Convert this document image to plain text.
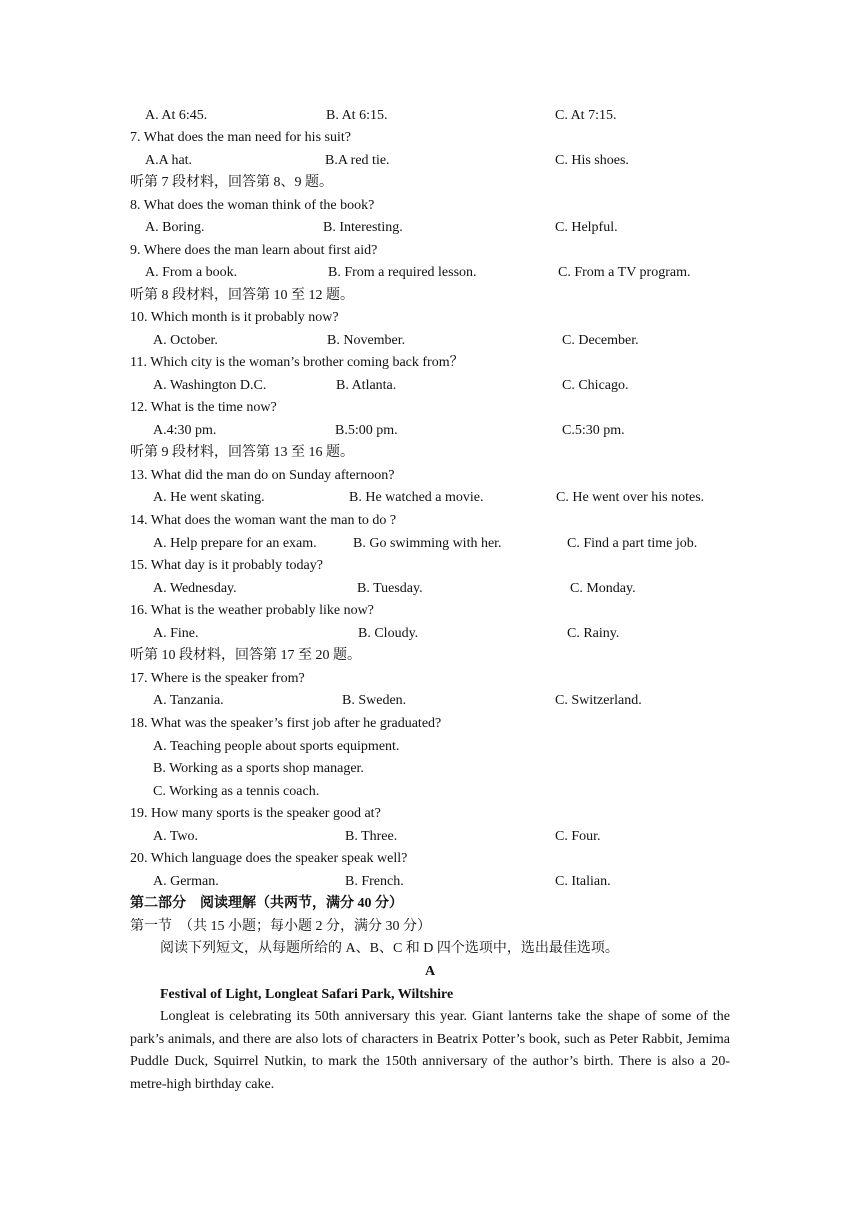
A. At 6:45.	B. At 6:15.	C. At 7:15.
7. What does the man need for his suit?
A.A hat.	B.A red tie.	C. His shoes.
听第 7 段材料，回答第 8、9 题。
8. What does the woman think of the book?
A. Boring.	B. Interesting.	C. Helpful.
9. Where does the man learn about first aid?
A. From a book.	B. From a required lesson.	C. From a TV program.
听第 8 段材料，回答第 10 至 12 题。
10. Which month is it probably now?
A. October.	B. November.	C. December.
11. Which city is the woman’s brother coming back from？
A. Washington D.C.	B. Atlanta.	C. Chicago.
12. What is the time now?
A.4:30 pm.	B.5:00 pm.	C.5:30 pm.
听第 9 段材料，回答第 13 至 16 题。
13. What did the man do on Sunday afternoon?
A. He went skating.	B. He watched a movie.	C. He went over his notes.
14. What does the woman want the man to do ?
A. Help prepare for an exam.	B. Go swimming with her.	C. Find a part time job.
15. What day is it probably today?
A. Wednesday.	B. Tuesday.	C. Monday.
16. What is the weather probably like now?
A. Fine.	B. Cloudy.	C. Rainy.
听第 10 段材料，回答第 17 至 20 题。
17. Where is the speaker from?
A. Tanzania.	B. Sweden.	C. Switzerland.
18. What was the speaker’s first job after he graduated?
A. Teaching people about sports equipment.
B. Working as a sports shop manager.
C. Working as a tennis coach.
19. How many sports is the speaker good at?
A. Two.	B. Three.	C. Four.
20. Which language does the speaker speak well?
A. German.	B. French.	C. Italian.
第二部分　阅读理解（共两节，满分 40 分）
第一节　（共 15 小题；每小题 2 分，满分 30 分）
阅读下列短文，从每题所给的 A、B、C 和 D 四个选项中，选出最佳选项。
A
Festival of Light, Longleat Safari Park, Wiltshire
Longleat is celebrating its 50th anniversary this year. Giant lanterns take the shape of some of the park’s animals, and there are also lots of characters in Beatrix Potter’s book, such as Peter Rabbit, Jemima Puddle Duck, Squirrel Nutkin, to mark the 150th anniversary of the author’s birth. There is also a 20-metre-high birthday cake.
